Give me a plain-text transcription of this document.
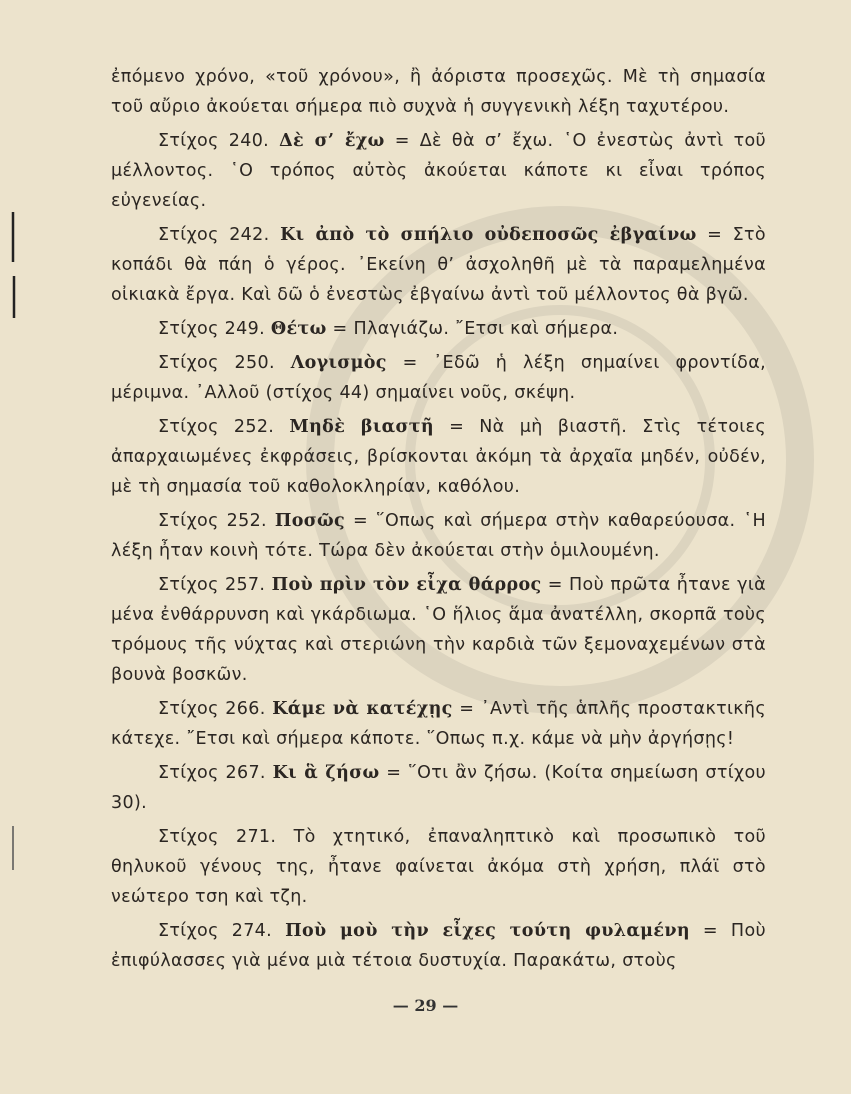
ἐπόμενο χρόνο, «τοῦ χρόνου», ἢ ἀόριστα προσεχῶς. Μὲ τὴ σημασία τοῦ αὔριο ἀκούεται σήμερα πιὸ συχνὰ ἡ συγγενικὴ λέξη ταχυτέρου.

Στίχος 240. Δὲ σ’ ἔχω = Δὲ θὰ σ’ ἔχω. ῾Ο ἐνεστὼς ἀντὶ τοῦ μέλλοντος. ῾Ο τρόπος αὐτὸς ἀκούεται κάποτε κι εἶναι τρόπος εὐγενείας.

Στίχος 242. Κι ἀπὸ τὸ σπήλιο οὐδεποσῶς ἐβγαίνω = Στὸ κοπάδι θὰ πάη ὁ γέρος. ᾿Εκείνη θ’ ἀσχοληθῆ μὲ τὰ παραμελημένα οἰκιακὰ ἔργα. Καὶ δῶ ὁ ἐνεστὼς ἐβγαίνω ἀντὶ τοῦ μέλλοντος θὰ βγῶ.

Στίχος 249. Θέτω = Πλαγιάζω. ῎Ετσι καὶ σήμερα.

Στίχος 250. Λογισμὸς = ᾿Εδῶ ἡ λέξη σημαίνει φροντίδα, μέριμνα. ᾿Αλλοῦ (στίχος 44) σημαίνει νοῦς, σκέψη.

Στίχος 252. Μηδὲ βιαστῆ = Νὰ μὴ βιαστῆ. Στὶς τέτοιες ἀπαρχαιωμένες ἐκφράσεις, βρίσκονται ἀκόμη τὰ ἀρχαῖα μηδέν, οὐδέν, μὲ τὴ σημασία τοῦ καθολοκληρίαν, καθόλου.

Στίχος 252. Ποσῶς = ῞Οπως καὶ σήμερα στὴν καθαρεύουσα. ῾Η λέξη ἦταν κοινὴ τότε. Τώρα δὲν ἀκούεται στὴν ὁμιλουμένη.

Στίχος 257. Ποὺ πρὶν τὸν εἶχα θάρρος = Ποὺ πρῶτα ἦτανε γιὰ μένα ἐνθάρρυνση καὶ γκάρδιωμα. ῾Ο ἥλιος ἅμα ἀνατέλλη, σκορπᾶ τοὺς τρόμους τῆς νύχτας καὶ στεριώνη τὴν καρδιὰ τῶν ξεμοναχεμένων στὰ βουνὰ βοσκῶν.

Στίχος 266. Κάμε νὰ κατέχῃς = ᾿Αντὶ τῆς ἁπλῆς προστακτικῆς κάτεχε. ῎Ετσι καὶ σήμερα κάποτε. ῞Οπως π.χ. κάμε νὰ μὴν ἀργήσῃς!

Στίχος 267. Κι ἃ ζήσω = ῞Οτι ἂν ζήσω. (Κοίτα σημείωση στίχου 30).

Στίχος 271. Τὸ χτητικό, ἐπαναληπτικὸ καὶ προσωπικὸ τοῦ θηλυκοῦ γένους της, ἦτανε φαίνεται ἀκόμα στὴ χρήση, πλάϊ στὸ νεώτερο τση καὶ τζη.

Στίχος 274. Ποὺ μοὺ τὴν εἶχες τούτη φυλαμένη = Ποὺ ἐπιφύλασσες γιὰ μένα μιὰ τέτοια δυστυχία. Παρακάτω, στοὺς

— 29 —
